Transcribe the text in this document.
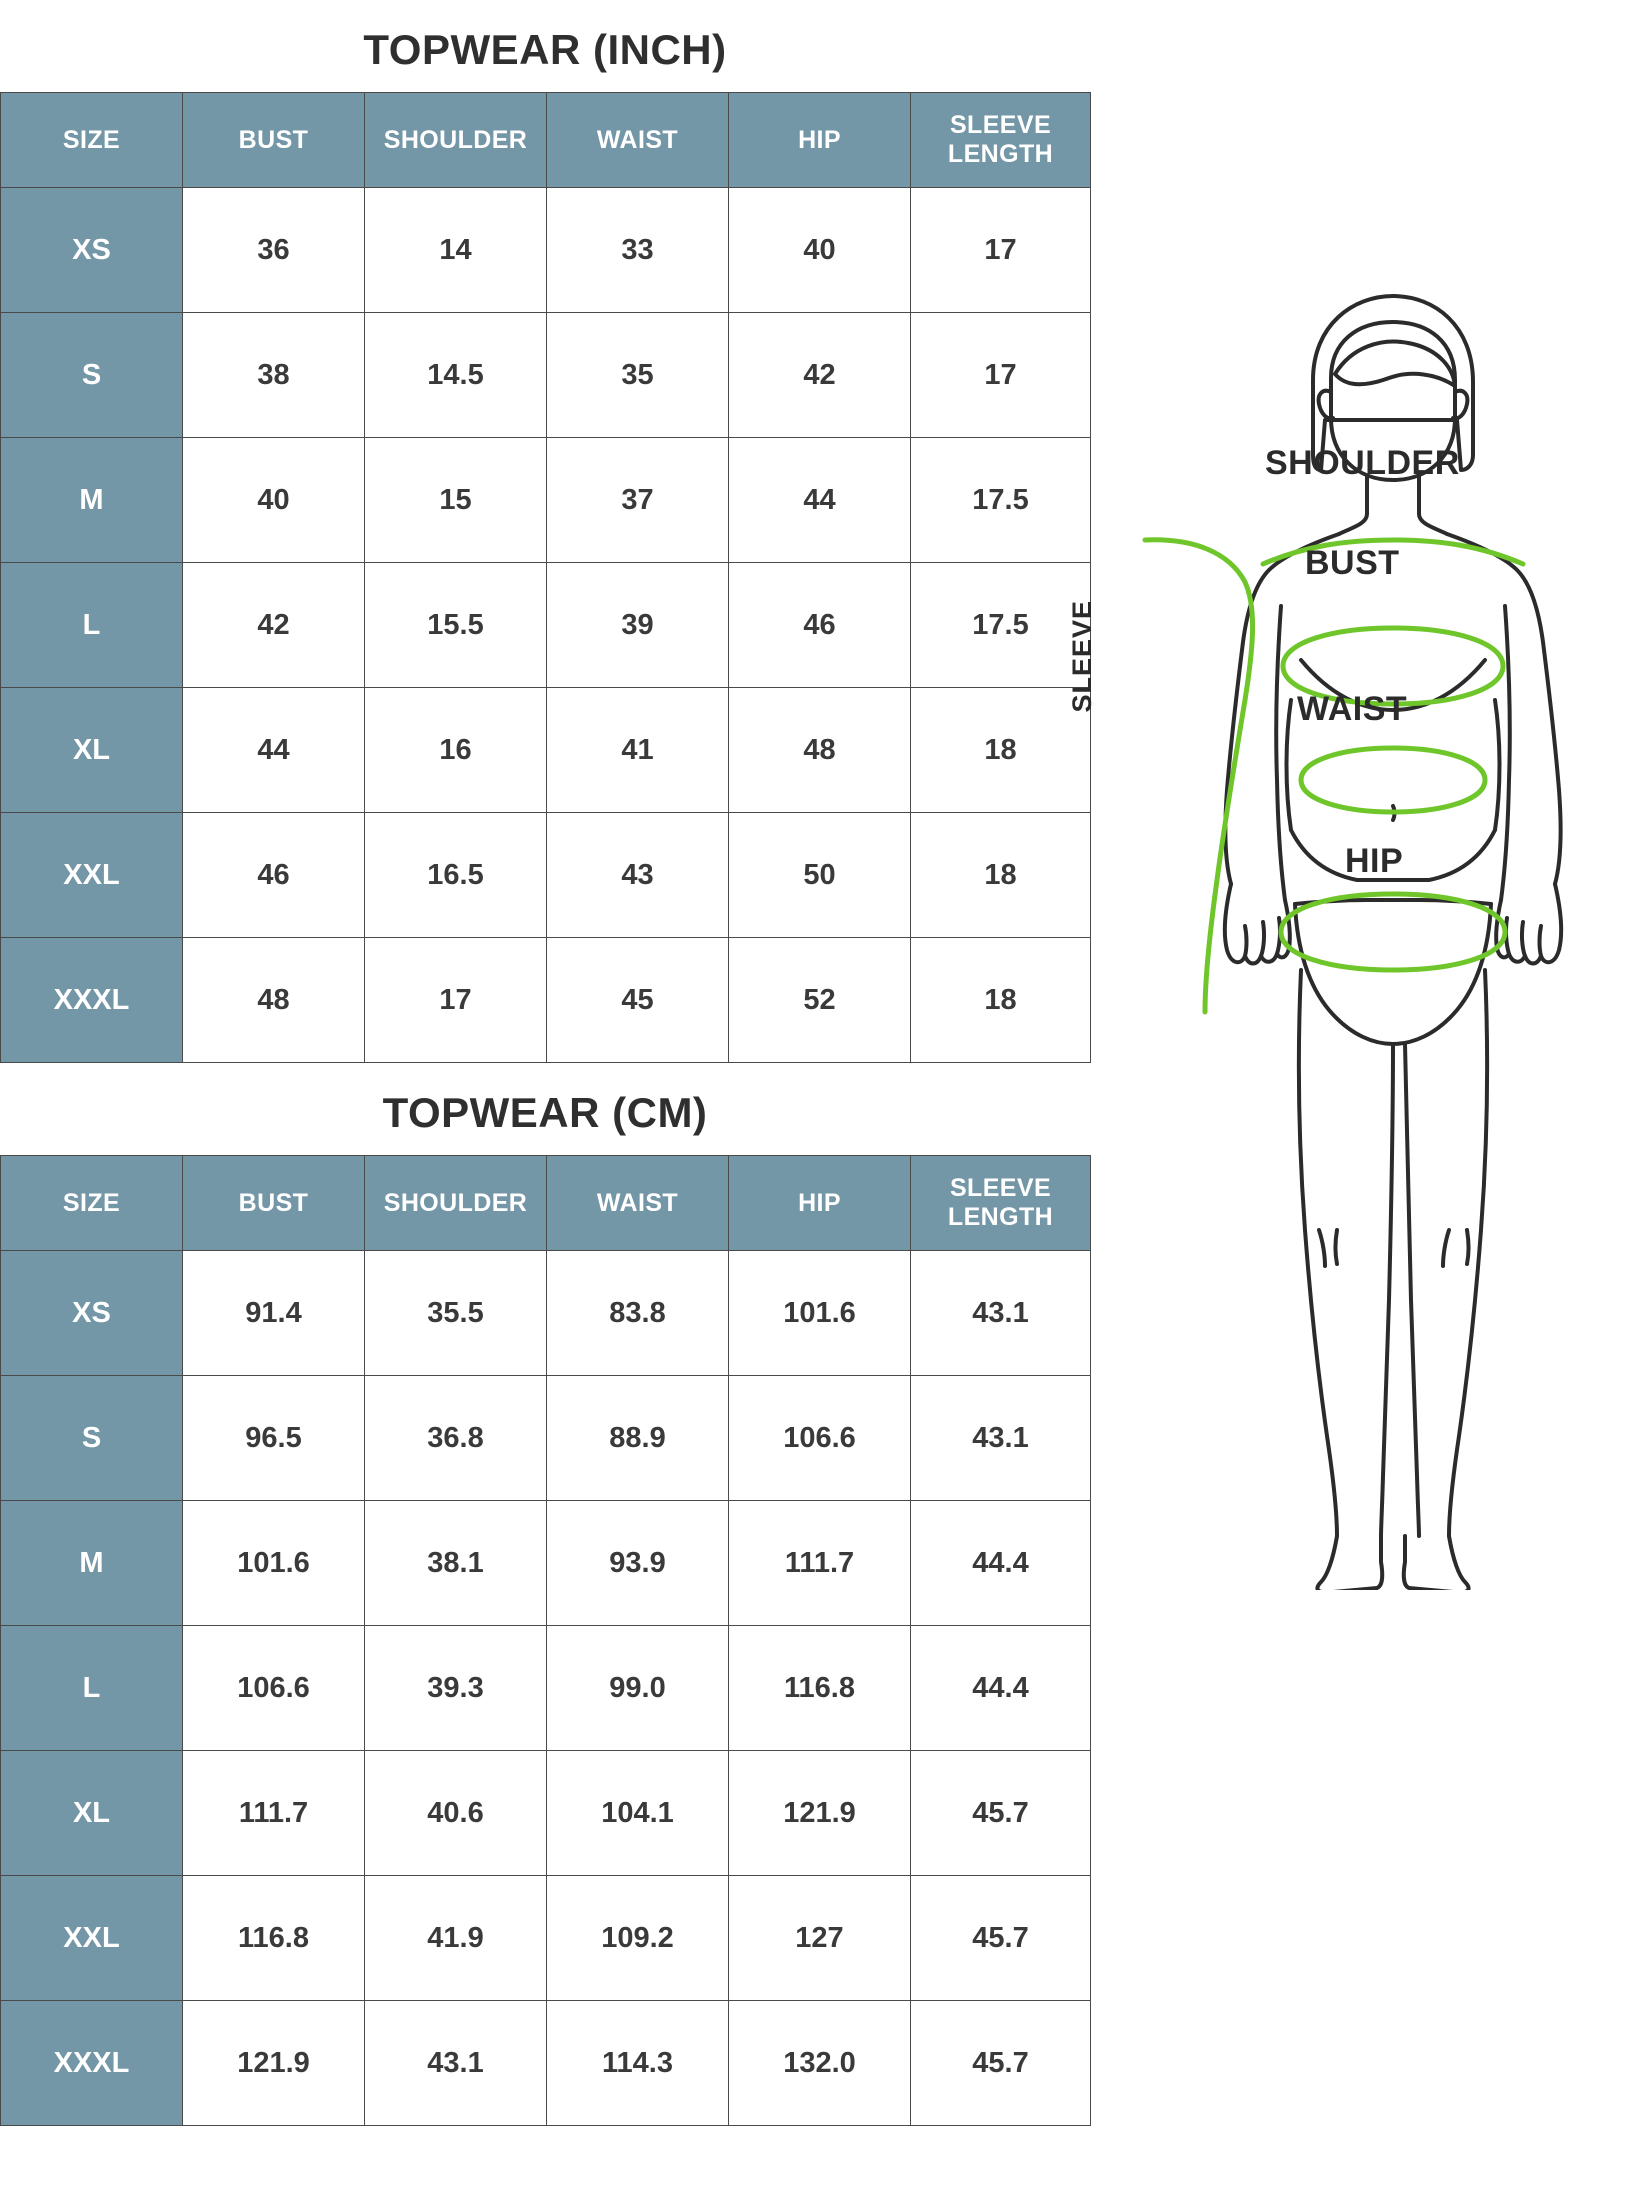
TOPWEAR (INCH)
SIZE	BUST	SHOULDER	WAIST	HIP	SLEEVE LENGTH
XS	36	14	33	40	17
S	38	14.5	35	42	17
M	40	15	37	44	17.5
L	42	15.5	39	46	17.5
XL	44	16	41	48	18
XXL	46	16.5	43	50	18
XXXL	48	17	45	52	18
TOPWEAR (CM)
SIZE	BUST	SHOULDER	WAIST	HIP	SLEEVE LENGTH
XS	91.4	35.5	83.8	101.6	43.1
S	96.5	36.8	88.9	106.6	43.1
M	101.6	38.1	93.9	111.7	44.4
L	106.6	39.3	99.0	116.8	44.4
XL	111.7	40.6	104.1	121.9	45.7
XXL	116.8	41.9	109.2	127	45.7
XXXL	121.9	43.1	114.3	132.0	45.7
SHOULDER
BUST
WAIST
HIP
SLEEVE
